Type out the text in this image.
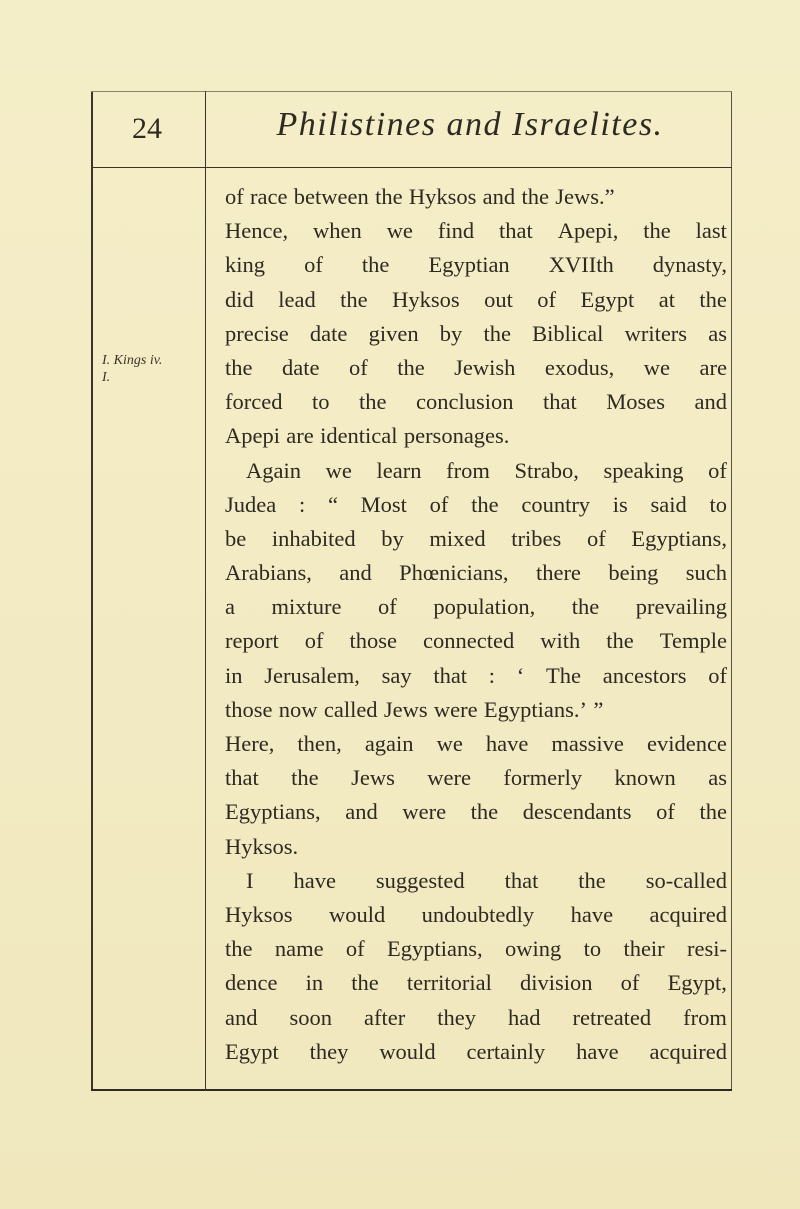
24	Philistines and Israelites.
I. Kings iv.
I.
of race between the Hyksos and the Jews.”
Hence, when we find that Apepi, the last
king of the Egyptian XVIIth dynasty,
did lead the Hyksos out of Egypt at the
precise date given by the Biblical writers as
the date of the Jewish exodus, we are
forced to the conclusion that Moses and
Apepi are identical personages.
Again we learn from Strabo, speaking of
Judea : “ Most of the country is said to
be inhabited by mixed tribes of Egyptians,
Arabians, and Phœnicians, there being such
a mixture of population, the prevailing
report of those connected with the Temple
in Jerusalem, say that : ‘ The ancestors of
those now called Jews were Egyptians.’ ”
Here, then, again we have massive evidence
that the Jews were formerly known as
Egyptians, and were the descendants of the
Hyksos.
I have suggested that the so-called
Hyksos would undoubtedly have acquired
the name of Egyptians, owing to their resi-
dence in the territorial division of Egypt,
and soon after they had retreated from
Egypt they would certainly have acquired
